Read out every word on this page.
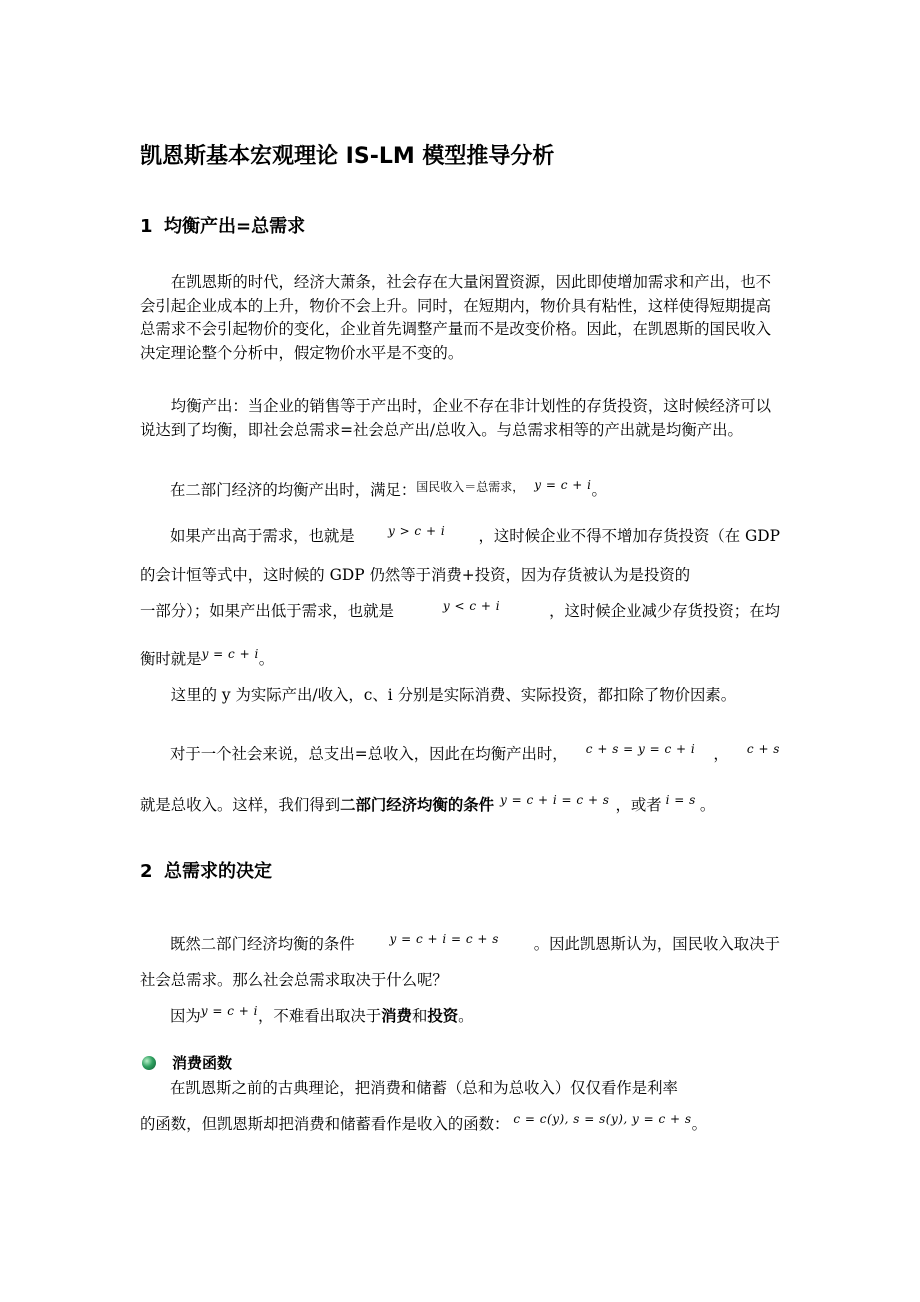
凯恩斯基本宏观理论 IS-LM 模型推导分析
1 均衡产出=总需求

在凯恩斯的时代，经济大萧条，社会存在大量闲置资源，因此即使增加需求和产出，也不会引起企业成本的上升，物价不会上升。同时，在短期内，物价具有粘性，这样使得短期提高总需求不会引起物价的变化，企业首先调整产量而不是改变价格。因此，在凯恩斯的国民收入决定理论整个分析中，假定物价水平是不变的。

均衡产出：当企业的销售等于产出时，企业不存在非计划性的存货投资，这时候经济可以说达到了均衡，即社会总需求=社会总产出/总收入。与总需求相等的产出就是均衡产出。

在二部门经济的均衡产出时，满足： 国民收入＝总需求， y = c + i 。
如果产出高于需求，也就是	y > c + i ，这时候企业不得不增加存货投资（在 GDP
的会计恒等式中，这时候的 GDP 仍然等于消费+投资，因为存货被认为是投资的
一部分）；如果产出低于需求，也就是	y < c + i	，这时候企业减少存货投资；在均
衡时就是 y = c + i 。

这里的 y 为实际产出/收入，c、i 分别是实际消费、实际投资，都扣除了物价因素。

对于一个社会来说，总支出=总收入，因此在均衡产出时， c + s = y = c + i ， c + s
就是总收入。这样，我们得到 二部门经济均衡的条件 y = c + i = c + s ，或者 i = s 。
2 总需求的决定
既然二部门经济均衡的条件	y = c + i = c + s 。因此凯恩斯认为，国民收入取决于
社会总需求。那么社会总需求取决于什么呢？
因为 y = c + i ，不难看出取决于 消费 和 投资 。
消费函数
在凯恩斯之前的古典理论，把消费和储蓄（总和为总收入）仅仅看作是利率
的函数，但凯恩斯却把消费和储蓄看作是收入的函数： c = c(y), s = s(y), y = c + s 。
